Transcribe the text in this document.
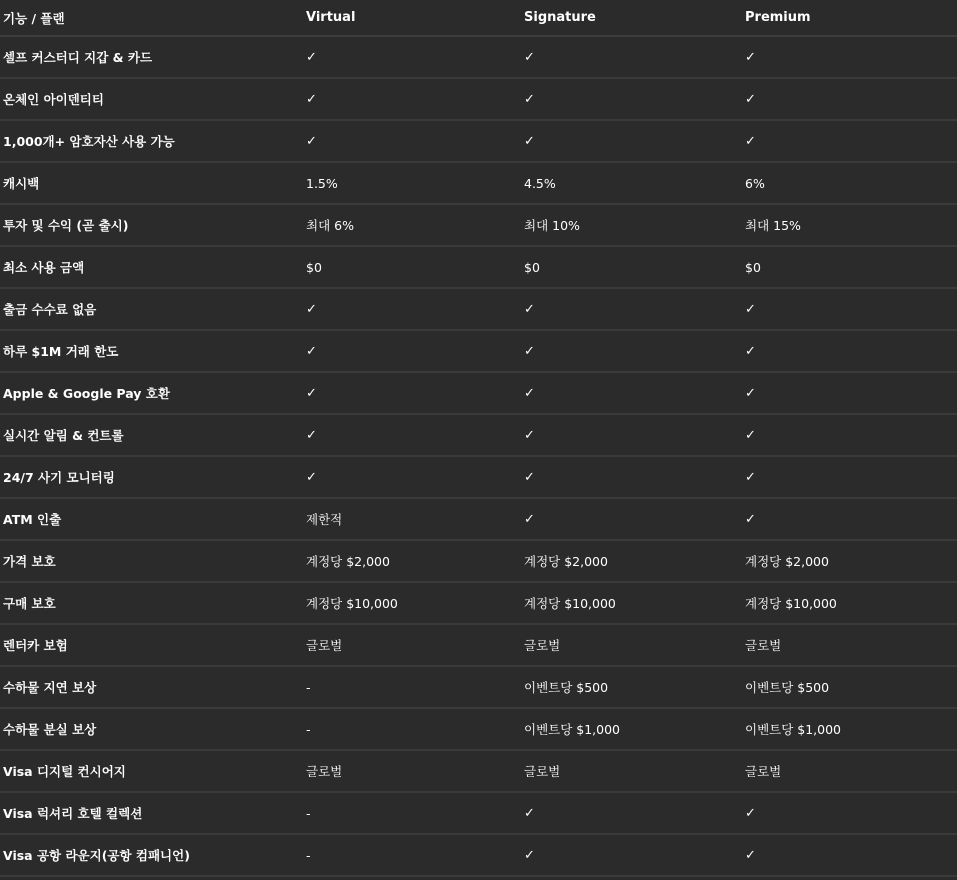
기능 / 플랜	Virtual	Signature	Premium
셀프 커스터디 지갑 & 카드	✓	✓	✓
온체인 아이덴티티	✓	✓	✓
1,000개+ 암호자산 사용 가능	✓	✓	✓
캐시백	1.5%	4.5%	6%
투자 및 수익 (곧 출시)	최대 6%	최대 10%	최대 15%
최소 사용 금액	$0	$0	$0
출금 수수료 없음	✓	✓	✓
하루 $1M 거래 한도	✓	✓	✓
Apple & Google Pay 호환	✓	✓	✓
실시간 알림 & 컨트롤	✓	✓	✓
24/7 사기 모니터링	✓	✓	✓
ATM 인출	제한적	✓	✓
가격 보호	계정당 $2,000	계정당 $2,000	계정당 $2,000
구매 보호	계정당 $10,000	계정당 $10,000	계정당 $10,000
렌터카 보험	글로벌	글로벌	글로벌
수하물 지연 보상	-	이벤트당 $500	이벤트당 $500
수하물 분실 보상	-	이벤트당 $1,000	이벤트당 $1,000
Visa 디지털 컨시어지	글로벌	글로벌	글로벌
Visa 럭셔리 호텔 컬렉션	-	✓	✓
Visa 공항 라운지(공항 컴패니언)	-	✓	✓
